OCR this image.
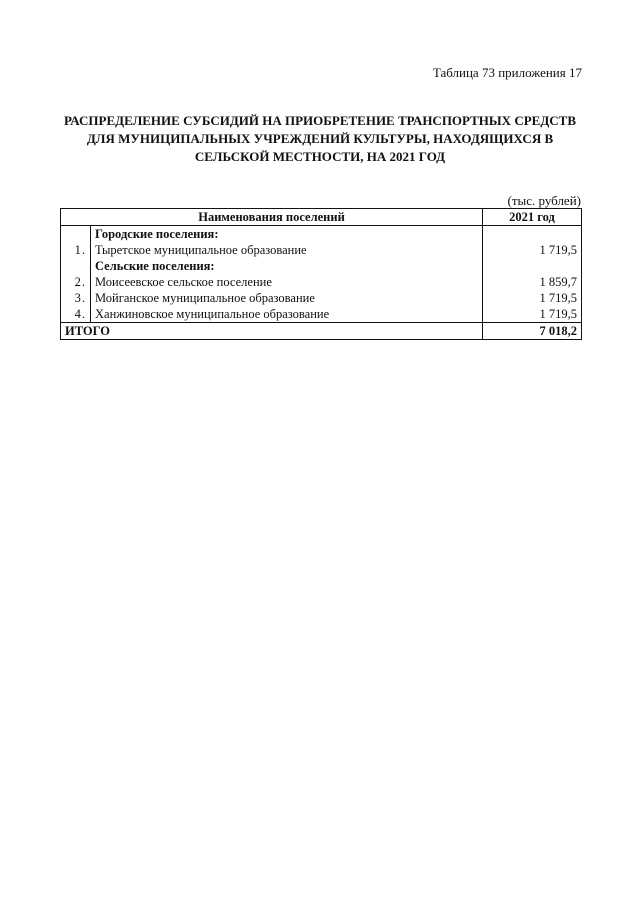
Таблица 73 приложения 17
РАСПРЕДЕЛЕНИЕ СУБСИДИЙ НА ПРИОБРЕТЕНИЕ ТРАНСПОРТНЫХ СРЕДСТВ
ДЛЯ МУНИЦИПАЛЬНЫХ УЧРЕЖДЕНИЙ КУЛЬТУРЫ, НАХОДЯЩИХСЯ В
СЕЛЬСКОЙ МЕСТНОСТИ, НА 2021 ГОД
(тыс. рублей)
Наименования поселений		2021 год
	Городские поселения:	
1.	Тыретское муниципальное образование	1 719,5
	Сельские поселения:	
2.	Моисеевское сельское поселение	1 859,7
3.	Мойганское муниципальное образование	1 719,5
4.	Ханжиновское муниципальное образование	1 719,5
ИТОГО		7 018,2
